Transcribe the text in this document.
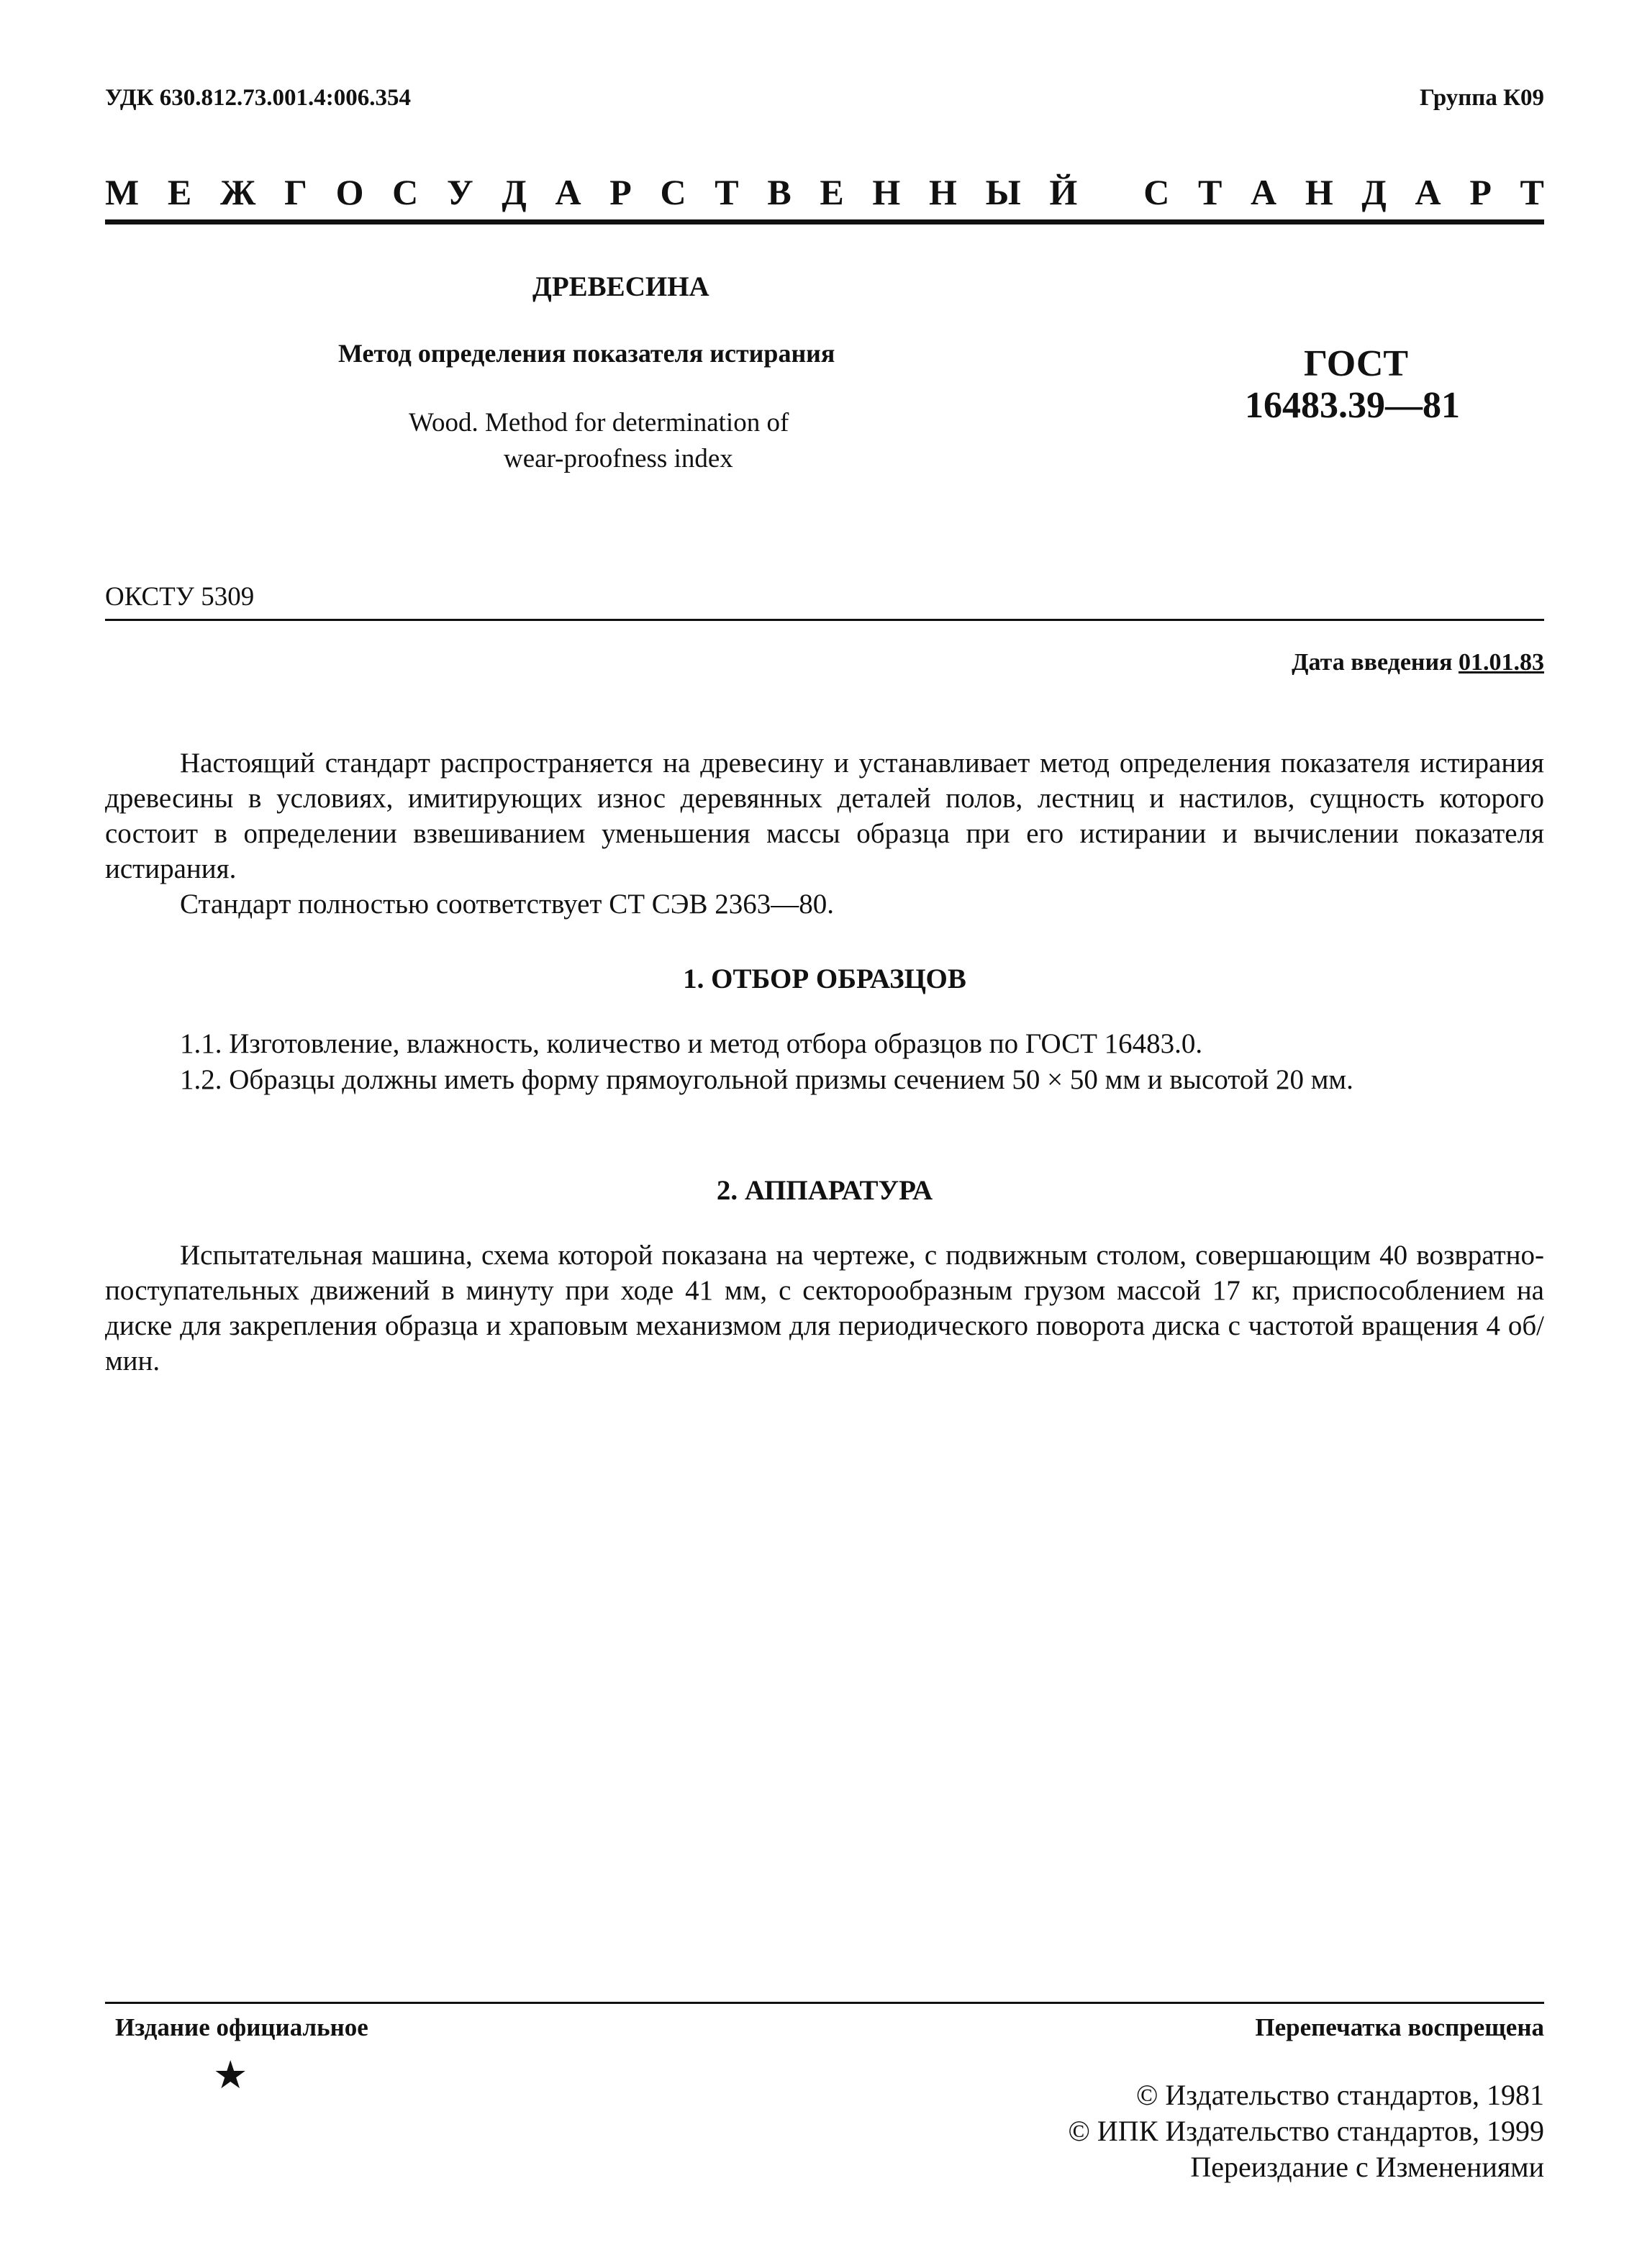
УДК 630.812.73.001.4:006.354	Группа К09
М Е Ж Г О С У Д А Р С Т В Е Н Н Ы Й
С Т А Н Д А Р Т
ДРЕВЕСИНА
Метод определения показателя истирания
Wood. Method for determination of
wear-proofness index
ГОСТ
16483.39—81
ОКСТУ 5309
Дата введения 01.01.83
Настоящий стандарт распространяется на древесину и устанавливает метод определения показателя истирания древесины в условиях, имитирующих износ деревянных деталей полов, лестниц и настилов, сущность которого состоит в определении взвешиванием уменьшения массы образца при его истирании и вычислении показателя истирания.
Стандарт полностью соответствует СТ СЭВ 2363—80.
1. ОТБОР ОБРАЗЦОВ
1.1. Изготовление, влажность, количество и метод отбора образцов по ГОСТ 16483.0.
1.2. Образцы должны иметь форму прямоугольной призмы сечением 50 × 50 мм и высотой 20 мм.
2. АППАРАТУРА
Испытательная машина, схема которой показана на чертеже, с подвижным столом, совершающим 40 возвратно-поступательных движений в минуту при ходе 41 мм, с секторообразным грузом массой 17 кг, приспособлением на диске для закрепления образца и храповым механизмом для периодического поворота диска с частотой вращения 4 об/мин.
Издание официальное
★
Перепечатка воспрещена
© Издательство стандартов, 1981
© ИПК Издательство стандартов, 1999
Переиздание с Изменениями
